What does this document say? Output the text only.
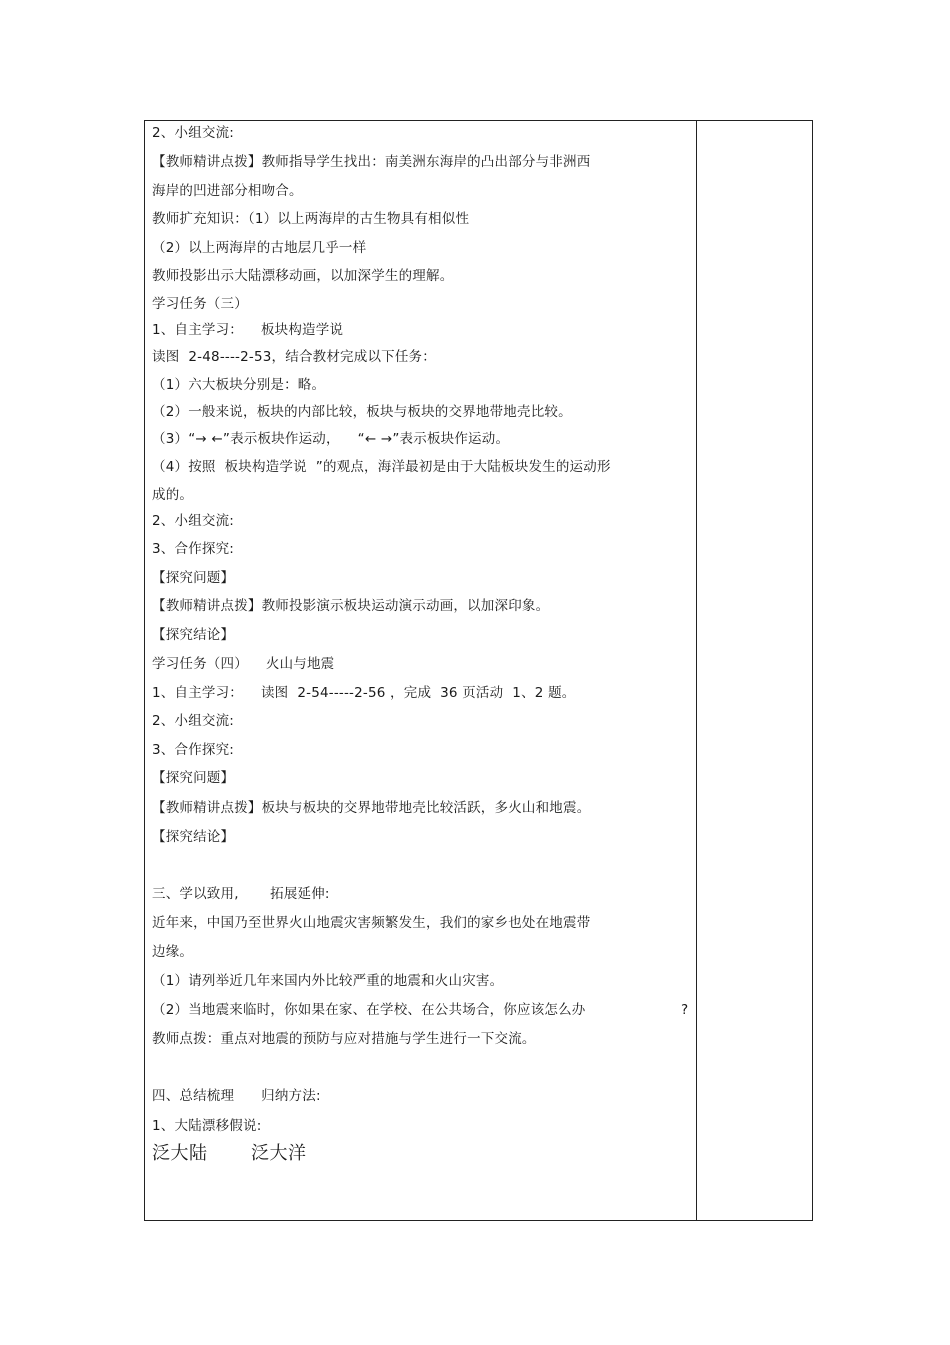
2、小组交流:
【教师精讲点拨】教师指导学生找出：南美洲东海岸的凸出部分与非洲西
海岸的凹进部分相吻合。
教师扩充知识：（1）以上两海岸的古生物具有相似性
（2）以上两海岸的古地层几乎一样
教师投影出示大陆漂移动画，以加深学生的理解。
学习任务（三）
1、自主学习：    板块构造学说
读图  2-48----2-53，结合教材完成以下任务：
（1）六大板块分别是：略。
（2）一般来说，板块的内部比较，板块与板块的交界地带地壳比较。
（3）“→ ←”表示板块作运动，    “← →”表示板块作运动。
（4）按照  板块构造学说  ”的观点，海洋最初是由于大陆板块发生的运动形
成的。
2、小组交流:
3、合作探究:
【探究问题】
【教师精讲点拨】教师投影演示板块运动演示动画，以加深印象。
【探究结论】
学习任务（四）    火山与地震
1、自主学习：    读图  2-54-----2-56 ，完成  36 页活动  1、2 题。
2、小组交流:
3、合作探究:
【探究问题】
【教师精讲点拨】板块与板块的交界地带地壳比较活跃，多火山和地震。
【探究结论】
三、学以致用,       拓展延伸:
近年来，中国乃至世界火山地震灾害频繁发生，我们的家乡也处在地震带
边缘。
（1）请列举近几年来国内外比较严重的地震和火山灾害。
（2）当地震来临时，你如果在家、在学校、在公共场合，你应该怎么办	?
教师点拨：重点对地震的预防与应对措施与学生进行一下交流。
四、总结梳理      归纳方法:
1、大陆漂移假说:
泛大陆       泛大洋
